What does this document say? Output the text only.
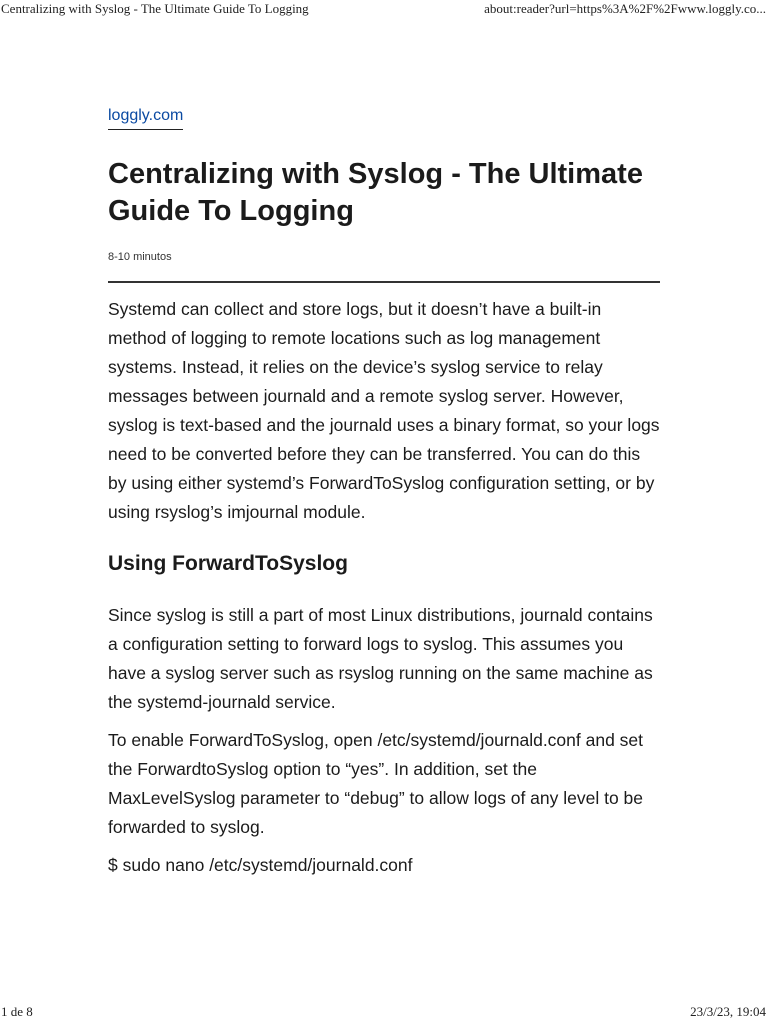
Centralizing with Syslog - The Ultimate Guide To Logging	about:reader?url=https%3A%2F%2Fwww.loggly.co...
loggly.com
Centralizing with Syslog - The Ultimate Guide To Logging
8-10 minutos

Systemd can collect and store logs, but it doesn’t have a built-in method of logging to remote locations such as log management systems. Instead, it relies on the device’s syslog service to relay messages between journald and a remote syslog server. However, syslog is text-based and the journald uses a binary format, so your logs need to be converted before they can be transferred. You can do this by using either systemd’s ForwardToSyslog configuration setting, or by using rsyslog’s imjournal module.

Using ForwardToSyslog

Since syslog is still a part of most Linux distributions, journald contains a configuration setting to forward logs to syslog. This assumes you have a syslog server such as rsyslog running on the same machine as the systemd-journald service.

To enable ForwardToSyslog, open /etc/systemd/journald.conf and set the ForwardtoSyslog option to “yes”. In addition, set the MaxLevelSyslog parameter to “debug” to allow logs of any level to be forwarded to syslog.

$ sudo nano /etc/systemd/journald.conf

1 de 8	23/3/23, 19:04
